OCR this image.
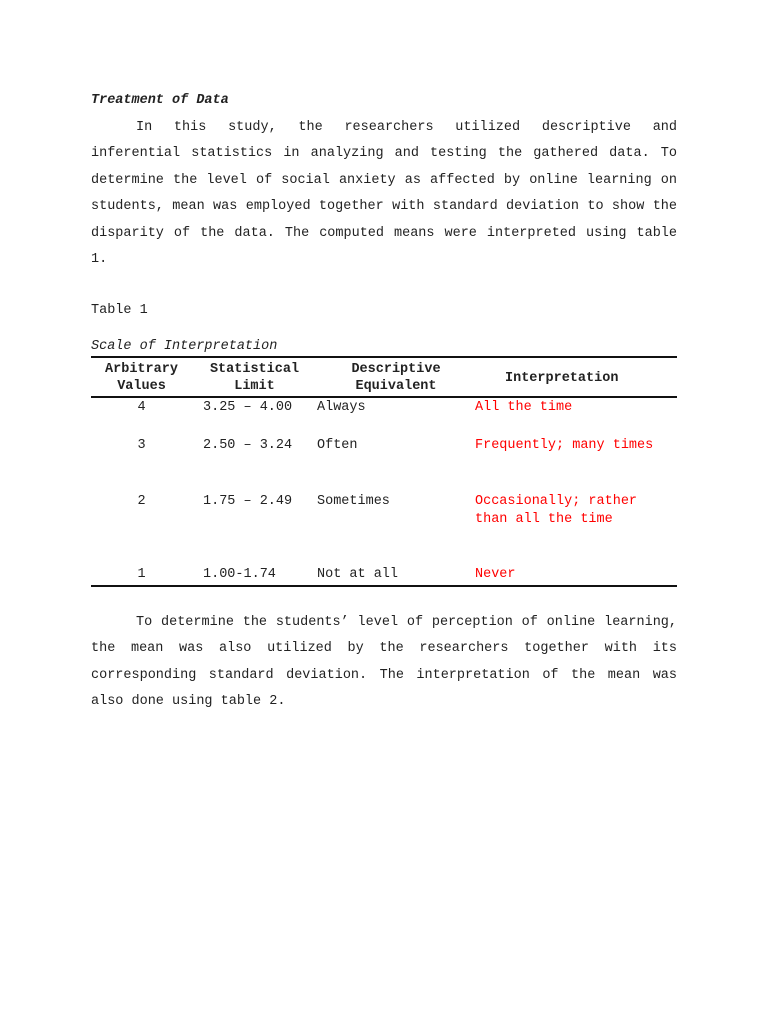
Treatment of Data

In this study, the researchers utilized descriptive and inferential statistics in analyzing and testing the gathered data. To determine the level of social anxiety as affected by online learning on students, mean was employed together with standard deviation to show the disparity of the data. The computed means were interpreted using table 1.

Table 1
Scale of Interpretation
Arbitrary Values	Statistical Limit	Descriptive Equivalent	Interpretation
4	3.25 – 4.00	Always	All the time
3	2.50 – 3.24	Often	Frequently; many times
2	1.75 – 2.49	Sometimes	Occasionally; rather than all the time
1	1.00-1.74	Not at all	Never

To determine the students’ level of perception of online learning, the mean was also utilized by the researchers together with its corresponding standard deviation. The interpretation of the mean was also done using table 2.
